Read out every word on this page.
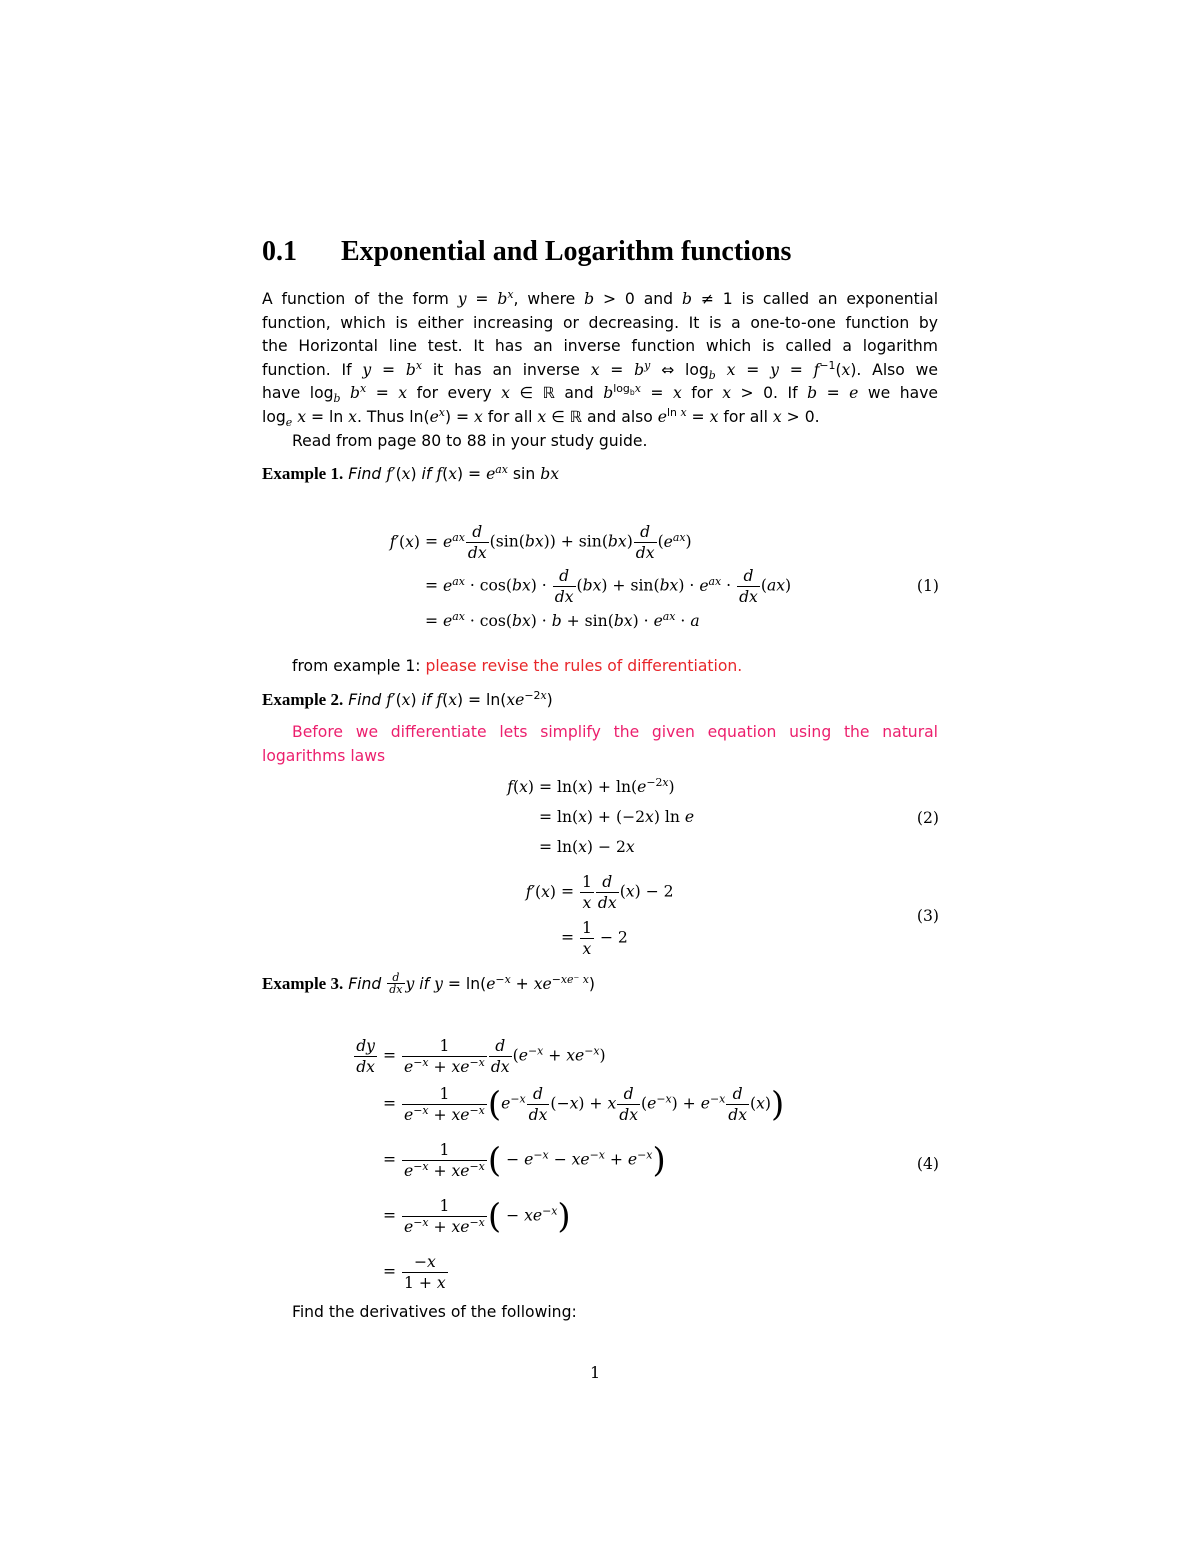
0.1 Exponential and Logarithm functions
A function of the form $y = b^x$, where b > 0 and b ≠ 1 is called an exponential
function, which is either increasing or decreasing. It is a one-to-one function by
the Horizontal line test. It has an inverse function which is called a logarithm
function. If $y = b^x$ it has an inverse $x = b^y$ ⇔ $\log_b x = y = f^{-1}(x)$. Also we
have $\log_b b^x = x$ for every x ∈ ℝ and $b^{log_bx} = x$ for x > 0. If b = e we have
$\log_e x = \ln x$. Thus $\ln(e^x) = x$ for all x ∈ ℝ and also $e^{ln x} = x$ for all x > 0.
Read from page 80 to 88 in your study guide.
Example 1. Find f′(x) if $f(x) = e^{ax}$ sin bx
$f'(x) = e^{ax} \frac{d}{dx} (\sin(bx)) + \sin(bx) \frac{d}{dx} (e^{ax})$
= $e^{ax} \cdot \cos(bx) \cdot \frac{d}{dx} (bx) + \sin(bx) \cdot e^{ax} \cdot \frac{d}{dx} (ax)$
= $e^{ax} \cdot \cos(bx) \cdot b + \sin(bx) \cdot e^{ax} \cdot a$
(1)
from example 1: please revise the rules of differentiation.
Example 2. Find f′(x) if $f(x) = \ln(xe^{-2x})$
Before we differentiate lets simplify the given equation using the natural
logarithms laws
$f(x) = \ln(x) + \ln(e^{-2x})$
= ln(x) + (−2x) ln e
= ln(x) − 2x
(2)
$f'(x) = \frac{1}{x} \frac{d}{dx} (x) - 2$
= $\frac{1}{x} - 2$
(3)
Example 3. Find $\frac{d}{dx}$ y if $y = \ln(e^{-x} + xe^{-xe^- x})$
$\frac{dy}{dx} = \frac{1}{e^{-x} + xe^{-x}} \frac{d}{dx} (e^{-x} + xe^{-x})$
= $\frac{1}{e^{-x} + xe^{-x}} (e^{-x} \frac{d}{dx} (-x) + x \frac{d}{dx} (e^{-x}) + e^{-x} \frac{d}{dx} (x))$
= $\frac{1}{e^{-x} + xe^{-x}}$ ( − $e^{-x} - xe^{-x} + e^{-x}$)
= $\frac{1}{e^{-x} + xe^{-x}}$ ( − $xe^{-x}$)
= $\frac{-x}{1 + x}$
(4)
Find the derivatives of the following:
1
